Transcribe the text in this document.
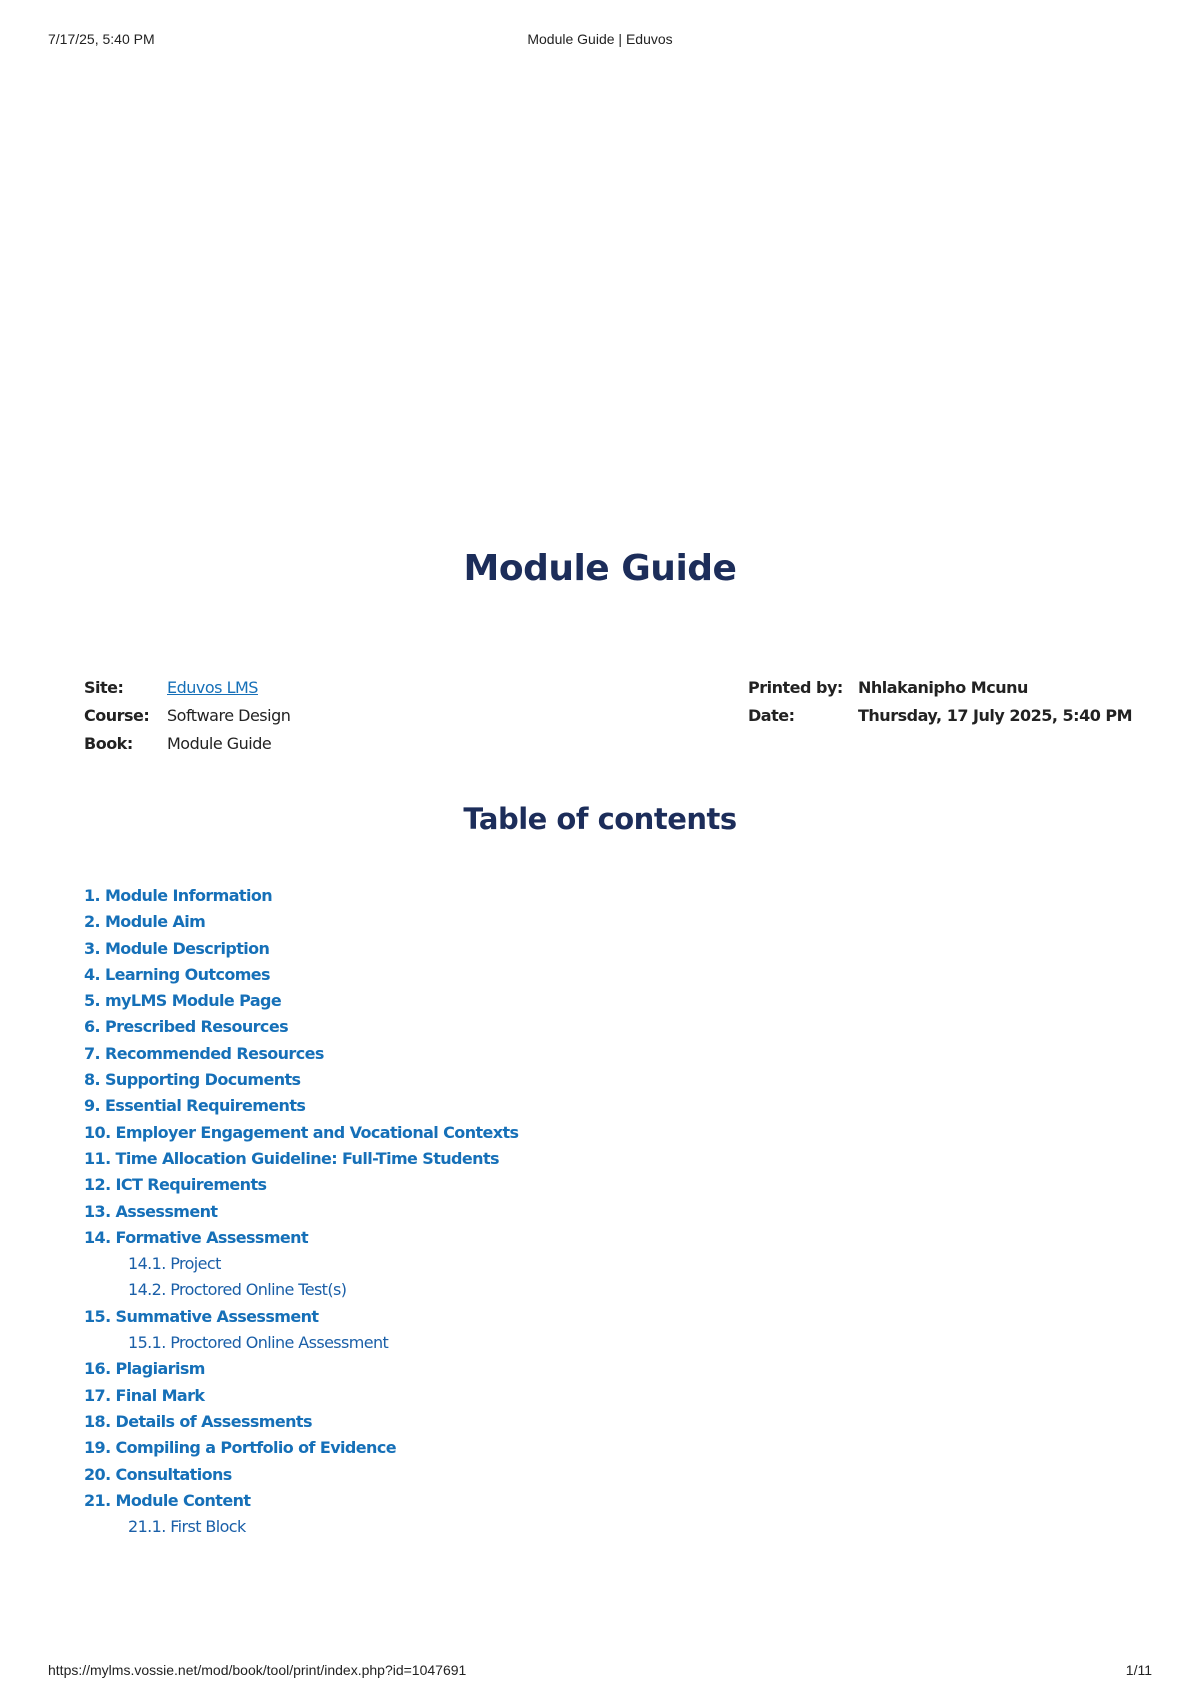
7/17/25, 5:40 PM	Module Guide | Eduvos
Module Guide
Site:	Eduvos LMS
Course:	Software Design
Book:	Module Guide
Printed by: Nhlakanipho Mcunu
Date:	Thursday, 17 July 2025, 5:40 PM
Table of contents
1. Module Information
2. Module Aim
3. Module Description
4. Learning Outcomes
5. myLMS Module Page
6. Prescribed Resources
7. Recommended Resources
8. Supporting Documents
9. Essential Requirements
10. Employer Engagement and Vocational Contexts
11. Time Allocation Guideline: Full-Time Students
12. ICT Requirements
13. Assessment
14. Formative Assessment
14.1. Project
14.2. Proctored Online Test(s)
15. Summative Assessment
15.1. Proctored Online Assessment
16. Plagiarism
17. Final Mark
18. Details of Assessments
19. Compiling a Portfolio of Evidence
20. Consultations
21. Module Content
21.1. First Block
https://mylms.vossie.net/mod/book/tool/print/index.php?id=1047691	1/11
